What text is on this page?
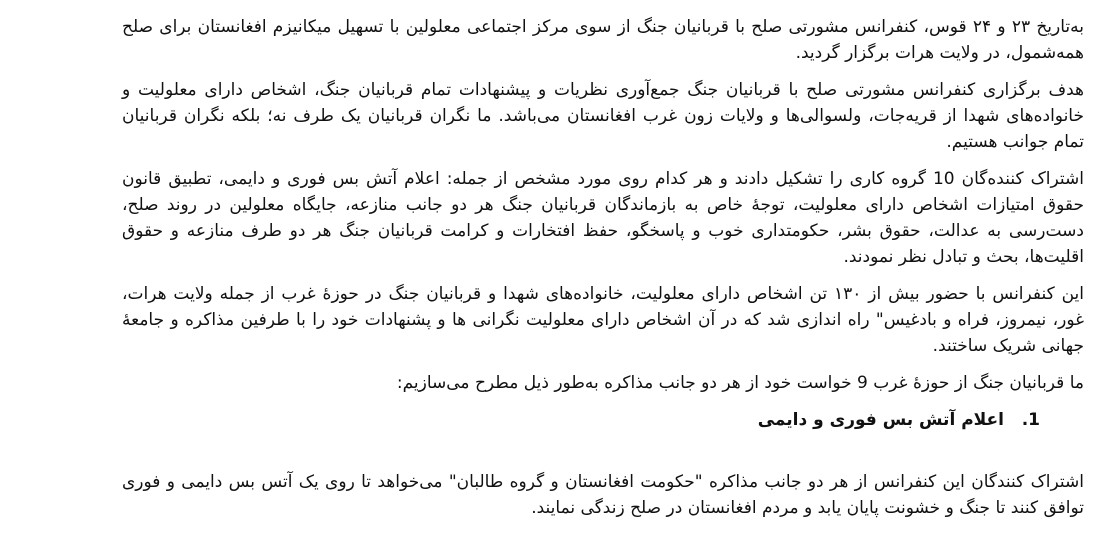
به‌تاریخ ۲۳ و ۲۴ قوس، کنفرانس مشورتی صلح با قربانیان جنگ از سوی مرکز اجتماعی معلولین با تسهیل میکانیزم افغانستان برای صلح همه‌شمول، در ولایت هرات برگزار گردید.

هدف برگزاری کنفرانس مشورتی صلح با قربانیان جنگ جمع‌آوری نظریات و پیشنهادات تمام قربانیان جنگ، اشخاص دارای معلولیت و خانواده‌های شهدا از قریه‌جات، ولسوالی‌ها و ولایات زون غرب افغانستان می‌باشد. ما نگران قربانیان یک طرف نه؛ بلکه نگران قربانیان تمام جوانب هستیم.

اشتراک کننده‌گان 10 گروه کاری را تشکیل دادند و هر کدام روی مورد مشخص از جمله: اعلام آتش بس فوری و دایمی، تطبیق قانون حقوق امتیازات اشخاص دارای معلولیت، توجهٔ خاص به بازماندگان قربانیان جنگ هر دو جانب منازعه، جایگاه معلولین در روند صلح، دست‌رسی به عدالت، حقوق بشر، حکومتداری خوب و پاسخگو، حفظ افتخارات و کرامت قربانیان جنگ هر دو طرف منازعه و حقوق اقلیت‌ها، بحث و تبادل نظر نمودند.

این کنفرانس با حضور بیش از ۱۳۰ تن اشخاص دارای معلولیت، خانواده‌های شهدا و قربانیان جنگ در حوزهٔ غرب از جمله ولایت هرات، غور، نیمروز، فراه و بادغیس" راه اندازی شد که در آن اشخاص دارای معلولیت نگرانی ها و پشنهادات خود را با طرفین مذاکره و جامعهٔ جهانی شریک ساختند.

ما قربانیان جنگ از حوزهٔ غرب 9 خواست خود از هر دو جانب مذاکره به‌طور ذیل مطرح می‌سازیم:

1.
اعلام آتش بس فوری و دایمی

اشتراک کنندگان این کنفرانس از هر دو جانب مذاکره "حکومت افغانستان و گروه طالبان" می‌خواهد تا روی یک آتس بس دایمی و فوری توافق کنند تا جنگ و خشونت پایان یابد و مردم افغانستان در صلح زندگی نمایند.
